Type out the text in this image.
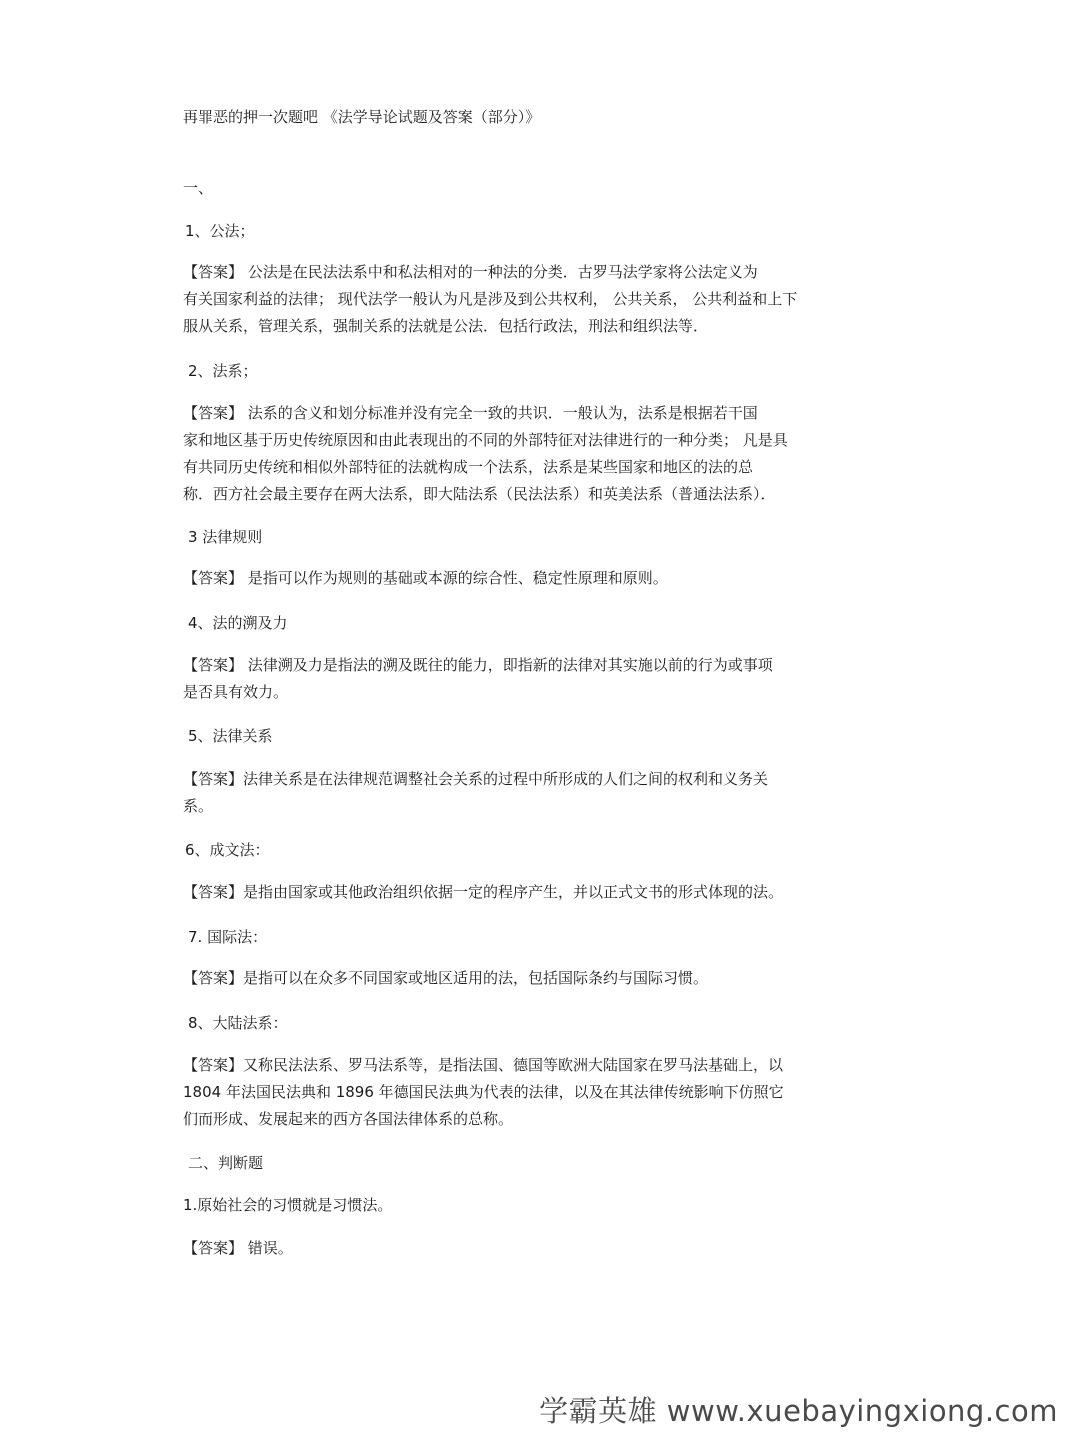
再罪恶的押一次题吧 《法学导论试题及答案（部分）》
一、
1、公法；
【答案】 公法是在民法法系中和私法相对的一种法的分类．古罗马法学家将公法定义为
有关国家利益的法律； 现代法学一般认为凡是涉及到公共权利， 公共关系， 公共利益和上下
服从关系，管理关系，强制关系的法就是公法．包括行政法，刑法和组织法等．
2、法系；
【答案】 法系的含义和划分标准并没有完全一致的共识．一般认为，法系是根据若干国
家和地区基于历史传统原因和由此表现出的不同的外部特征对法律进行的一种分类； 凡是具
有共同历史传统和相似外部特征的法就构成一个法系，法系是某些国家和地区的法的总
称．西方社会最主要存在两大法系，即大陆法系（民法法系）和英美法系（普通法法系）．
3 法律规则
【答案】 是指可以作为规则的基础或本源的综合性、稳定性原理和原则。
4、法的溯及力
【答案】 法律溯及力是指法的溯及既往的能力，即指新的法律对其实施以前的行为或事项
是否具有效力。
5、法律关系
【答案】法律关系是在法律规范调整社会关系的过程中所形成的人们之间的权利和义务关
系。
6、成文法：
【答案】是指由国家或其他政治组织依据一定的程序产生，并以正式文书的形式体现的法。
7. 国际法：
【答案】是指可以在众多不同国家或地区适用的法，包括国际条约与国际习惯。
8、大陆法系：
【答案】又称民法法系、罗马法系等，是指法国、德国等欧洲大陆国家在罗马法基础上，以
1804 年法国民法典和 1896 年德国民法典为代表的法律，以及在其法律传统影响下仿照它
们而形成、发展起来的西方各国法律体系的总称。
二、判断题
1.原始社会的习惯就是习惯法。
【答案】 错误。
学霸英雄 www.xuebayingxiong.com
